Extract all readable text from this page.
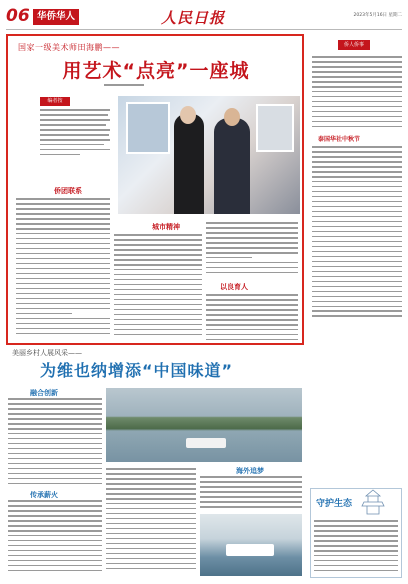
06 华侨华人	人民日报	2023年5月16日 星期二
国家一级美术师田海鹏——
用艺术“点亮”一座城
编者按
侨团联系
城市精神
以良育人
侨人侨事
泰国华社中秋节
美丽乡村人展风采——
为维也纳增添“中国味道”
融合创新
传承薪火
海外追梦
守护生态
